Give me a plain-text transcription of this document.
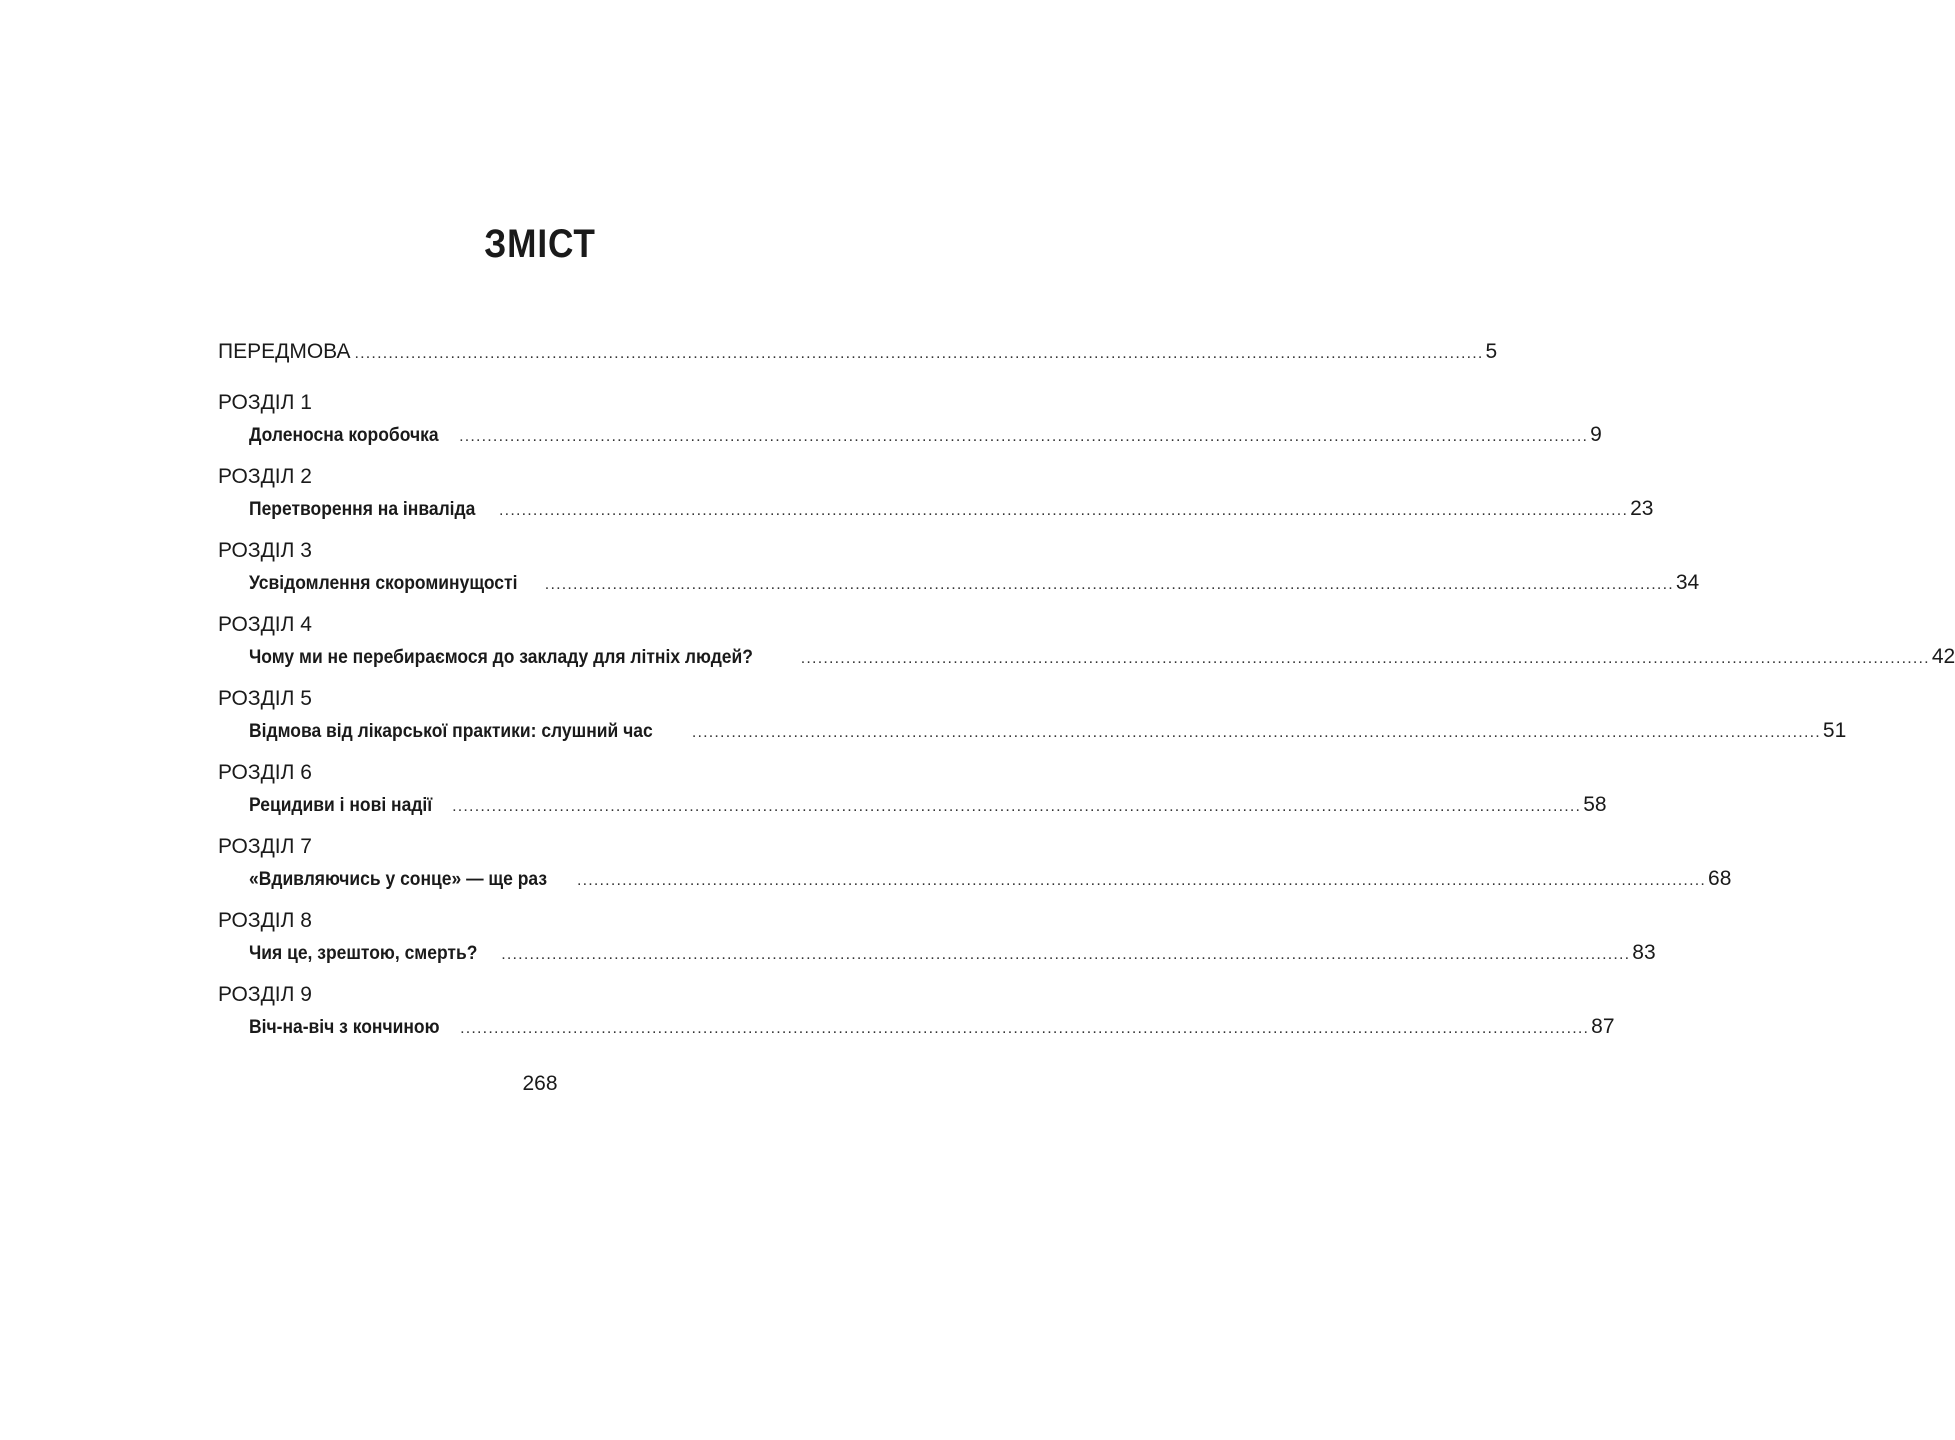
ЗМІСТ
ПЕРЕДМОВА ........................................................................................................................................................................................................ 5
РОЗДІЛ 1
Доленосна коробочка ........................................................................................................................................................................................................ 9
РОЗДІЛ 2
Перетворення на інваліда ........................................................................................................................................................................................................ 23
РОЗДІЛ 3
Усвідомлення скороминущості ........................................................................................................................................................................................................ 34
РОЗДІЛ 4
Чому ми не перебираємося до закладу для літніх людей?	........................................................................................................................................................................................................ 42
РОЗДІЛ 5
Відмова від лікарської практики: слушний час ........................................................................................................................................................................................................ 51
РОЗДІЛ 6
Рецидиви і нові надії ........................................................................................................................................................................................................ 58
РОЗДІЛ 7
«Вдивляючись у сонце» — ще раз ........................................................................................................................................................................................................ 68
РОЗДІЛ 8
Чия це, зрештою, смерть? ........................................................................................................................................................................................................ 83
РОЗДІЛ 9
Віч-на-віч з кончиною ........................................................................................................................................................................................................ 87
268
